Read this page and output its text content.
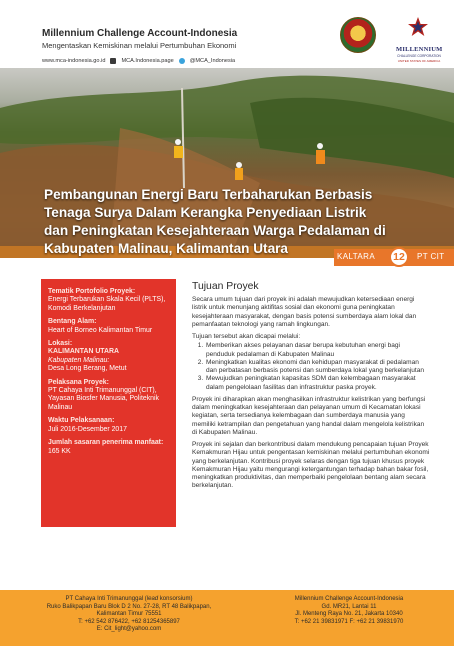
Millennium Challenge Account-Indonesia
Mengentaskan Kemiskinan melalui Pertumbuhan Ekonomi
www.mca-indonesia.go.id	MCA.Indonesia.page	@MCA_Indonesia
MILLENNIUM
CHALLENGE CORPORATION
UNITED STATES OF AMERICA
Pembangunan Energi Baru Terbaharukan Berbasis Tenaga Surya Dalam Kerangka Penyediaan Listrik dan Peningkatan Kesejahteraan Warga Pedalaman di Kabupaten Malinau, Kalimantan Utara
KALTARA 12 PT CIT
Tematik Portofolio Proyek:
Energi Terbarukan Skala Kecil (PLTS), Komodi Berkelanjutan
Bentang Alam:
Heart of Borneo Kalimantan Timur
Lokasi:
KALIMANTAN UTARA
Kabupaten Malinau:
Desa Long Berang, Metut
Pelaksana Proyek:
PT Cahaya Inti Trimanunggal (CIT), Yayasan Biosfer Manusia, Politeknik Malinau
Waktu Pelaksanaan:
Juli 2016-Desember 2017
Jumlah sasaran penerima manfaat:
165 KK
Tujuan Proyek

Secara umum tujuan dari proyek ini adalah mewujudkan ketersediaan energi listrik untuk menunjang aktifitas sosial dan ekonomi guna peningkatan kesejahteraan masyarakat, dengan basis potensi sumberdaya alam lokal dan pemanfaatan teknologi yang ramah lingkungan.

Tujuan tersebut akan dicapai melalui:

1. Memberikan akses pelayanan dasar berupa kebutuhan energi bagi penduduk pedalaman di Kabupaten Malinau
2. Meningkatkan kualitas ekonomi dan kehidupan masyarakat di pedalaman dan perbatasan berbasis potensi dan sumberdaya lokal yang berkelanjutan
3. Mewujudkan peningkatan kapasitas SDM dan kelembagaan masyarakat dalam pengelolaan fasilitas dan infrastruktur paska proyek.

Proyek ini diharapkan akan menghasilkan infrastruktur kelistrikan yang berfungsi dalam meningkatkan kesejahteraan dan pelayanan umum di Kecamatan lokasi kegiatan, serta tersedianya kelembagaan dan sumberdaya manusia yang memiliki ketrampilan dan pengetahuan yang handal dalam mengelola kelistrikan di Kabupaten Malinau.

Proyek ini sejalan dan berkontribusi dalam mendukung pencapaian tujuan Proyek Kemakmuran Hijau untuk pengentasan kemiskinan melalui pertumbuhan ekonomi yang berkelanjutan. Kontribusi proyek selaras dengan tiga tujuan khusus proyek Kemakmuran Hijau yaitu mengurangi ketergantungan terhadap bahan bakar fosil, meningkatkan produktivitas, dan memperbaiki pengelolaan bentang alam secara berkelanjutan.

PT Cahaya Inti Trimanunggal (lead konsorsium)
Ruko Balikpapan Baru Blok D 2 No. 27-28, RT 48 Balikpapan,
Kalimantan Timur 75551
T: +62 542 876422, +62 81254365897
E: Cit_light@yahoo.com
Millennium Challenge Account-Indonesia
Gd. MR21, Lantai 11
Jl. Menteng Raya No. 21, Jakarta 10340
T: +62 21 39831971 F: +62 21 39831970
